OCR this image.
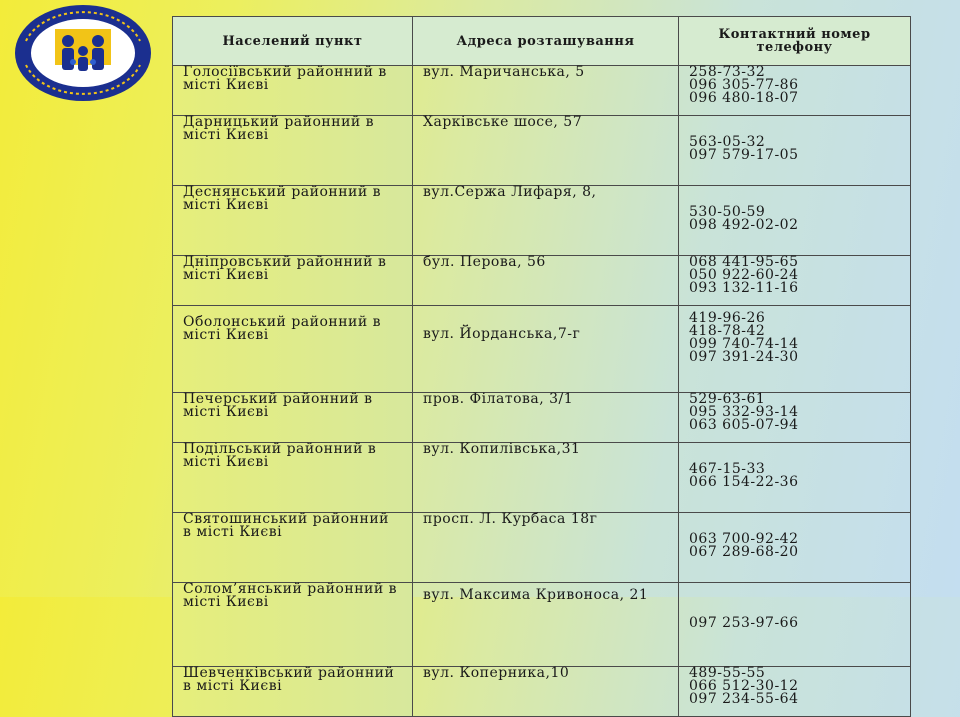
Населений пункт	Адреса розташування	Контактний номер телефону
Голосіївський районний в місті Києві	вул. Маричанська, 5	258-73-32
096 305-77-86
096 480-18-07

Дарницький районний в місті Києві	Харківське шосе, 57	563-05-32
097 579-17-05

Деснянський районний в місті Києві	вул.Сержа Лифаря, 8,	530-50-59
098 492-02-02

Дніпровський районний в місті Києві	бул. Перова, 56	068 441-95-65
050 922-60-24
093 132-11-16

Оболонський районний в місті Києві	вул. Йорданська,7-г	419-96-26
418-78-42
099 740-74-14
097 391-24-30

Печерський районний в місті Києві	пров. Філатова, 3/1	529-63-61
095 332-93-14
063 605-07-94

Подільський районний в місті Києві	вул. Копилівська,31	467-15-33
066 154-22-36

Святошинський районний в місті Києві	просп. Л. Курбаса 18г	063 700-92-42
067 289-68-20

Солом’янський районний в місті Києві	вул. Максима Кривоноса, 21	097 253-97-66

Шевченківський районний в місті Києві	вул. Коперника,10	489-55-55
066 512-30-12
097 234-55-64
